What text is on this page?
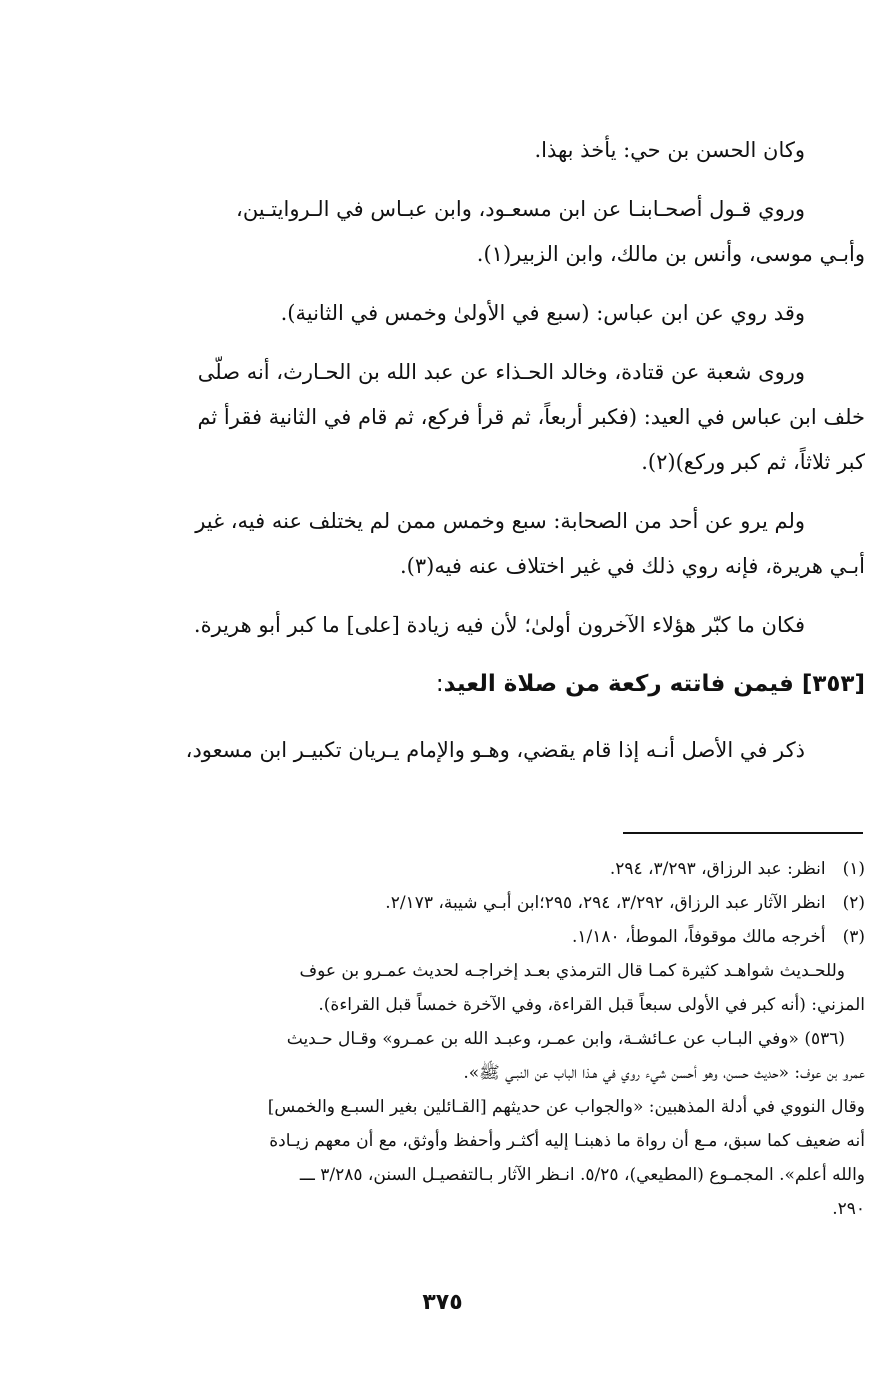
وكان الحسن بن حي: يأخذ بهذا.

وروي قـول أصحـابنـا عن ابن مسعـود، وابن عبـاس في الـروايتـين،
وأبـي موسى، وأنس بن مالك، وابن الزبير(١).

وقد روي عن ابن عباس: (سبع في الأولىٰ وخمس في الثانية).

وروى شعبة عن قتادة، وخالد الحـذاء عن عبد الله بن الحـارث، أنه صلّى
خلف ابن عباس في العيد: (فكبر أربعاً، ثم قرأ فركع، ثم قام في الثانية فقرأ ثم
كبر ثلاثاً، ثم كبر وركع)(٢).

ولم يرو عن أحد من الصحابة: سبع وخمس ممن لم يختلف عنه فيه، غير
أبـي هريرة، فإنه روي ذلك في غير اختلاف عنه فيه(٣).

فكان ما كبّر هؤلاء الآخرون أولىٰ؛ لأن فيه زيادة [على] ما كبر أبو هريرة.

[٣٥٣] فيمن فاتته ركعة من صلاة العيد:

ذكر في الأصل أنـه إذا قام يقضي، وهـو والإمام يـريان تكبيـر ابن مسعود،

(١) انظر: عبد الرزاق، ٣/٢٩٣، ٢٩٤.

(٢) انظر الآثار عبد الرزاق، ٣/٢٩٢، ٢٩٤، ٢٩٥؛ابن أبـي شيبة، ٢/١٧٣.

(٣) أخرجه مالك موقوفاً، الموطأ، ١/١٨٠.

وللحـديث شواهـد كثيرة كمـا قال الترمذي بعـد إخراجـه لحديث عمـرو بن عوف
المزني: (أنه كبر في الأولى سبعاً قبل القراءة، وفي الآخرة خمساً قبل القراءة).
(٥٣٦) «وفي البـاب عن عـائشـة، وابن عمـر، وعبـد الله بن عمـرو» وقـال حـديث
عمرو بن عوف: «حديث حسن، وهو أحسن شيء روي في هـذا الباب عن النبـي ﷺ».
وقال النووي في أدلة المذهبين: «والجواب عن حديثهم [القـائلين بغير السبـع والخمس]
أنه ضعيف كما سبق، مـع أن رواة ما ذهبنـا إليه أكثـر وأحفظ وأوثق، مع أن معهم زيـادة
والله أعلم». المجمـوع (المطيعي)، ٥/٢٥. انـظر الآثار بـالتفصيـل السنن، ٣/٢٨٥ ـــ
٢٩٠.
٣٧٥
